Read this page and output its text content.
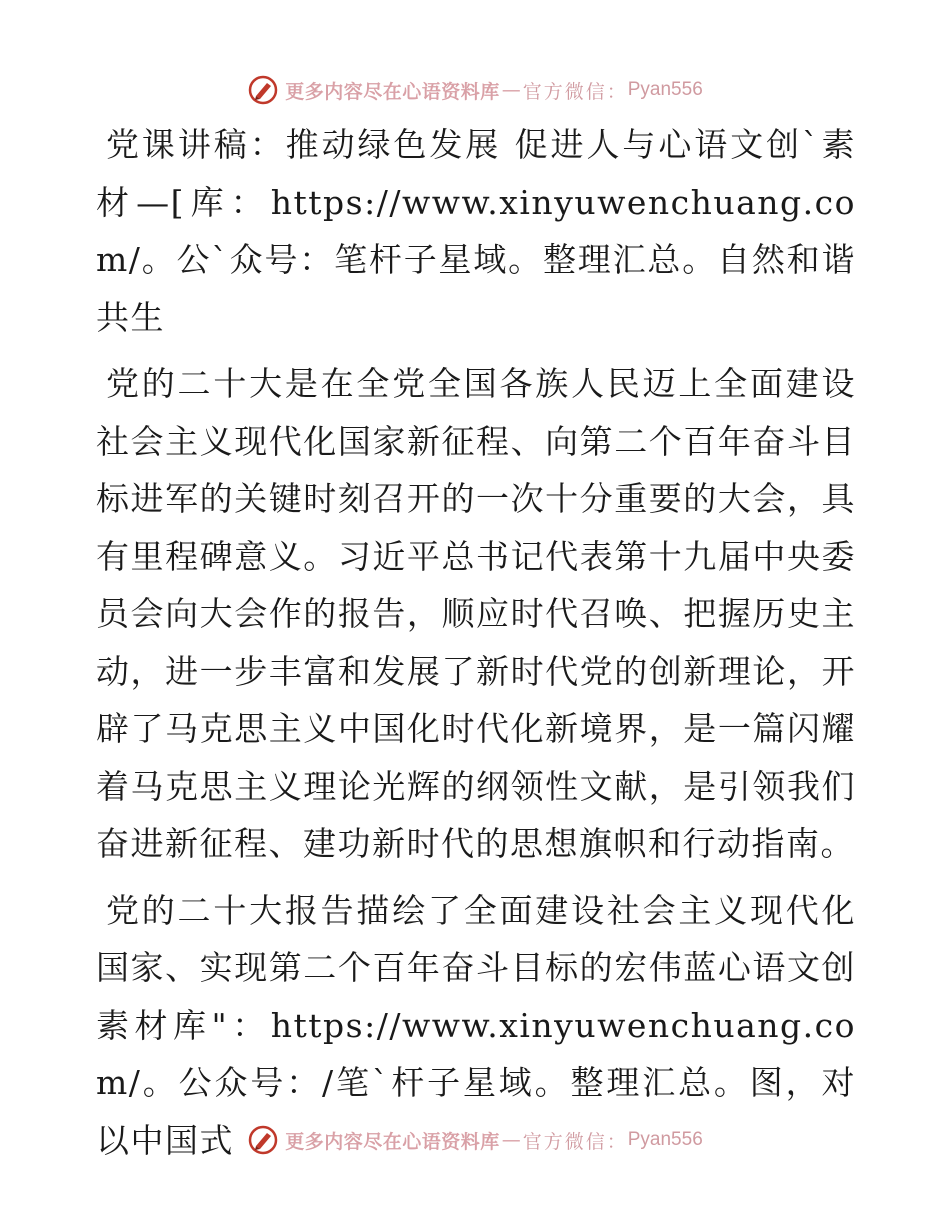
更多内容尽在心语资料库 — 官方微信： Pyan556

党课讲稿：推动绿色发展 促进人与心语文创`素材—[库：https://www.xinyuwenchuang.com/。公`众号：笔杆子星域。整理汇总。自然和谐共生

党的二十大是在全党全国各族人民迈上全面建设社会主义现代化国家新征程、向第二个百年奋斗目标进军的关键时刻召开的一次十分重要的大会，具有里程碑意义。习近平总书记代表第十九届中央委员会向大会作的报告，顺应时代召唤、把握历史主动，进一步丰富和发展了新时代党的创新理论，开辟了马克思主义中国化时代化新境界，是一篇闪耀着马克思主义理论光辉的纲领性文献，是引领我们奋进新征程、建功新时代的思想旗帜和行动指南。

党的二十大报告描绘了全面建设社会主义现代化国家、实现第二个百年奋斗目标的宏伟蓝心语文创素材库"：https://www.xinyuwenchuang.com/。公众号：/笔`杆子星域。整理汇总。图，对以中国式	更多内容尽在心语资料库 — 官方微信： Pyan556
